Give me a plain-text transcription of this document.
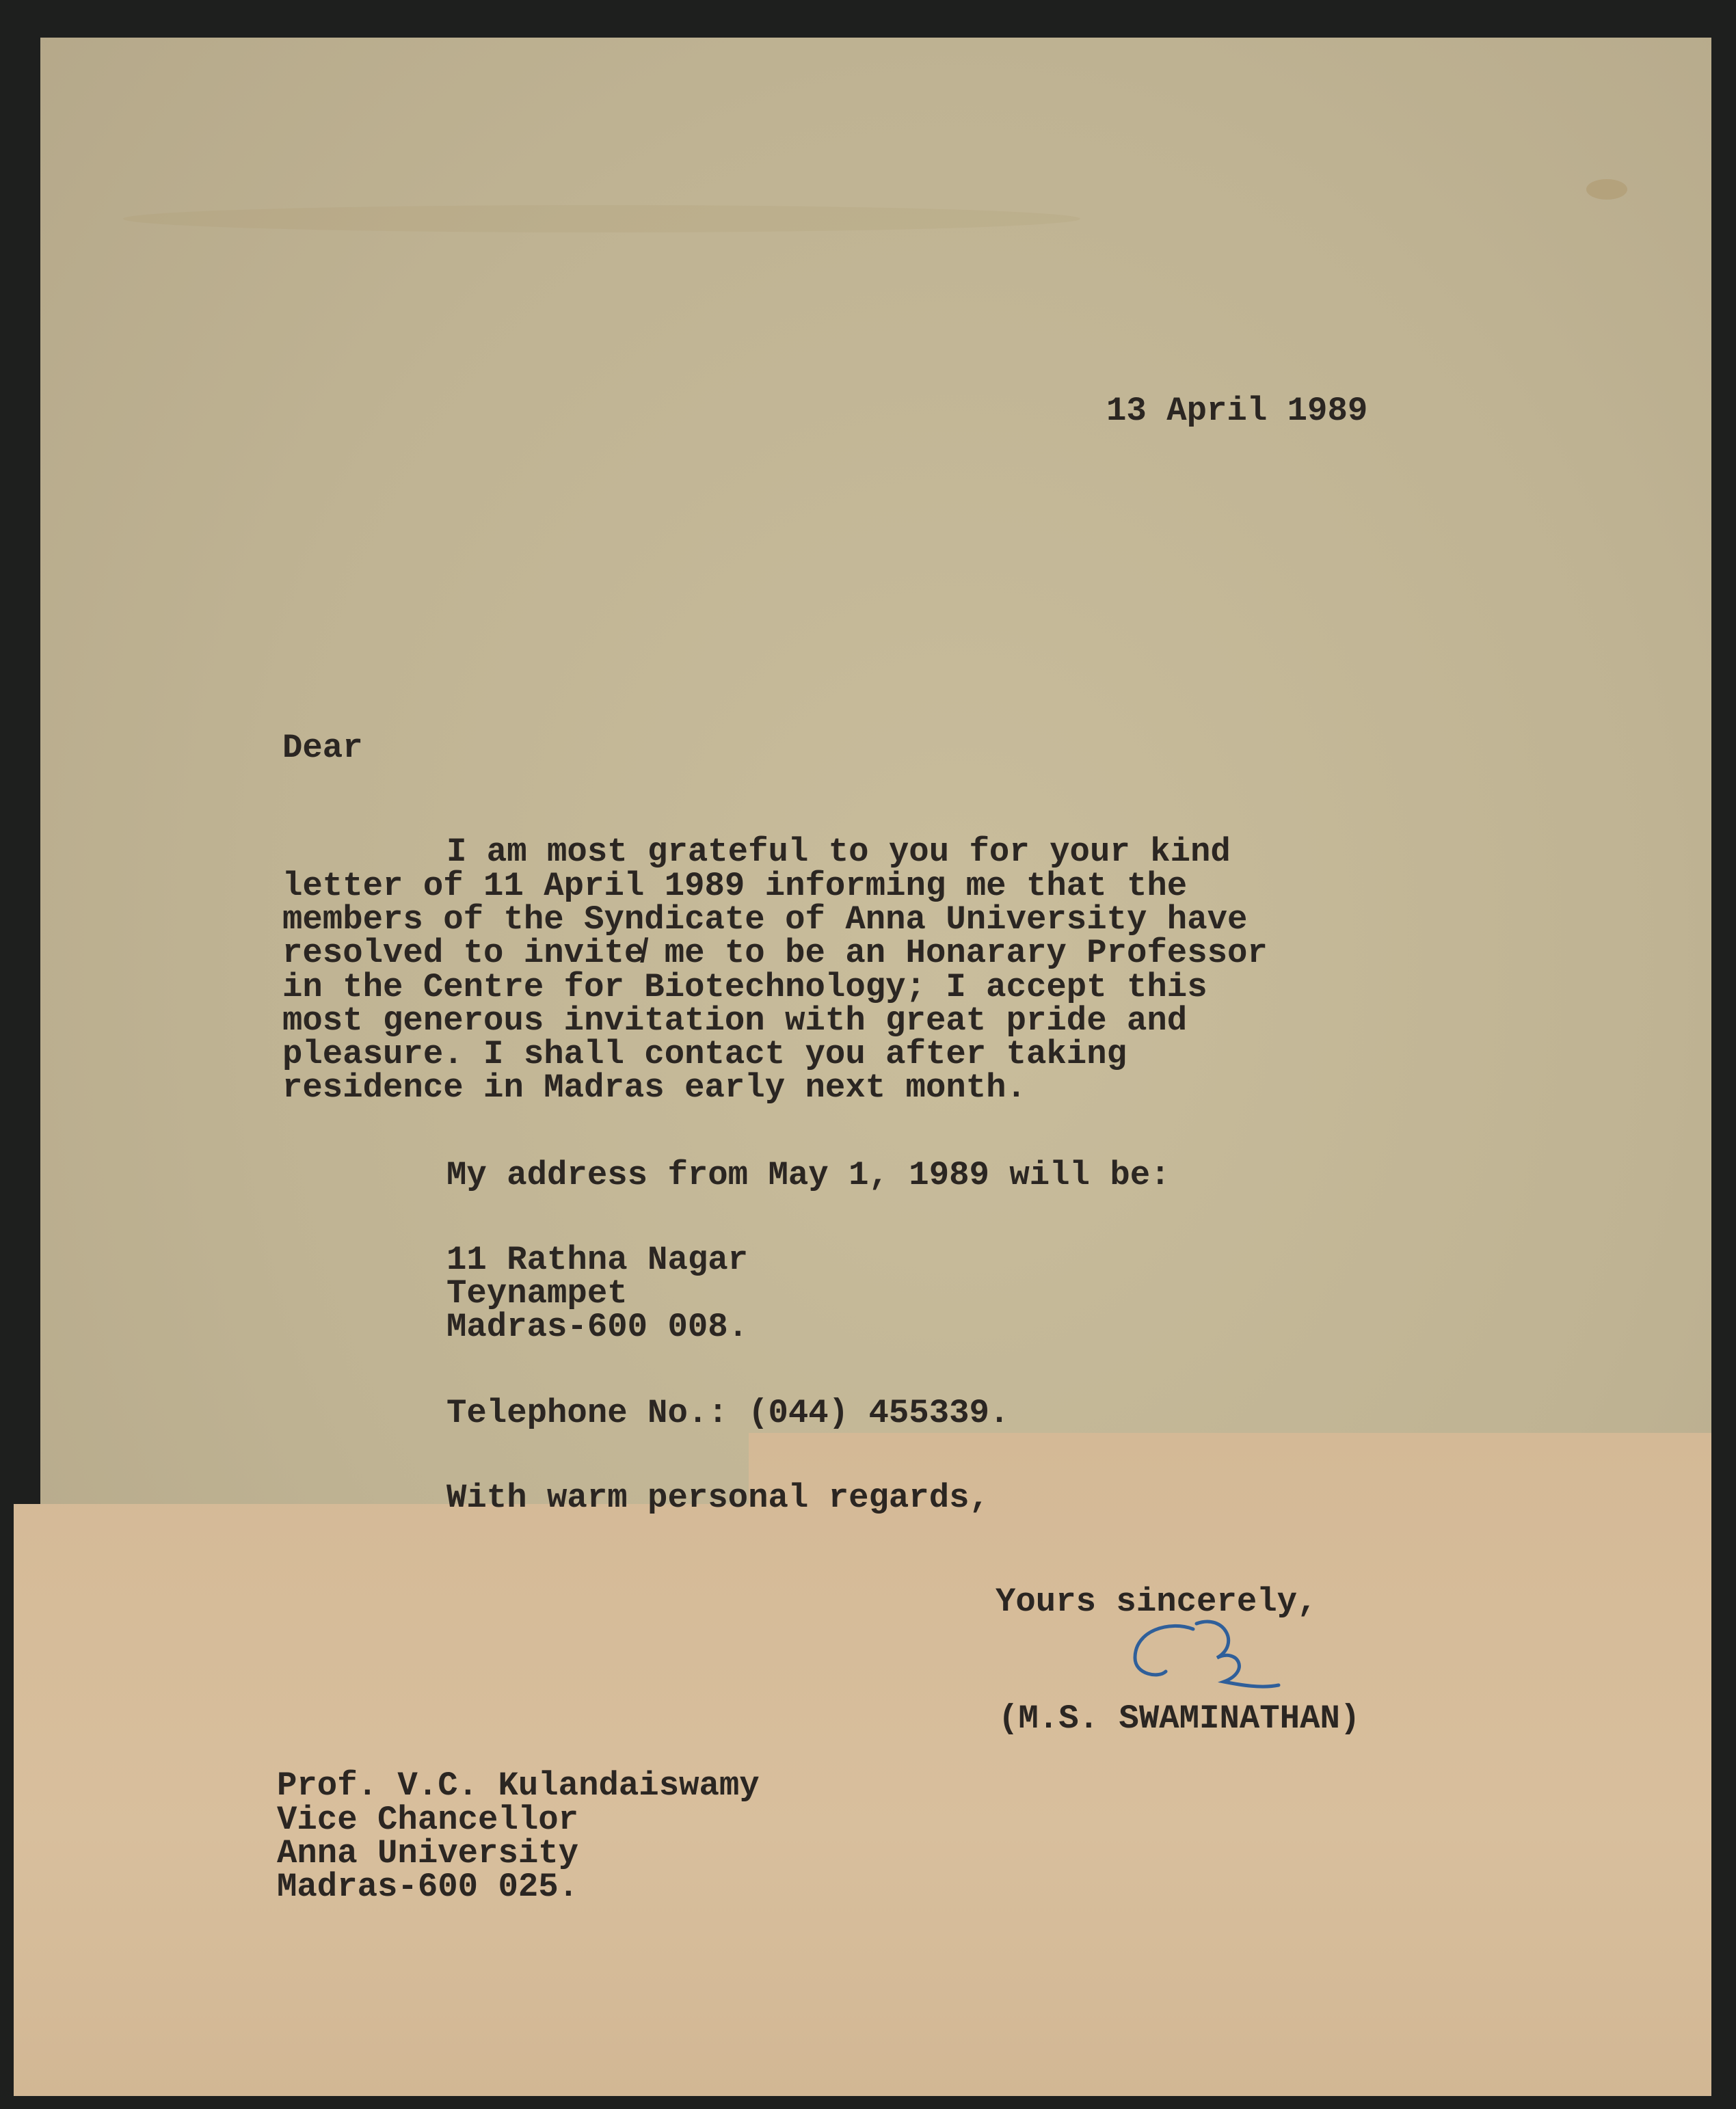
13 April 1989
Dear
I am most grateful to you for your kind
letter of 11 April 1989 informing me that the
members of the Syndicate of Anna University have
resolved to invite̸ me to be an Honarary Professor
in the Centre for Biotechnology; I accept this
most generous invitation with great pride and
pleasure. I shall contact you after taking
residence in Madras early next month.
My address from May 1, 1989 will be:
11 Rathna Nagar
Teynampet
Madras-600 008.
Telephone No.: (044) 455339.
With warm personal regards,
Yours sincerely,
(M.S. SWAMINATHAN)
Prof. V.C. Kulandaiswamy
Vice Chancellor
Anna University
Madras-600 025.
